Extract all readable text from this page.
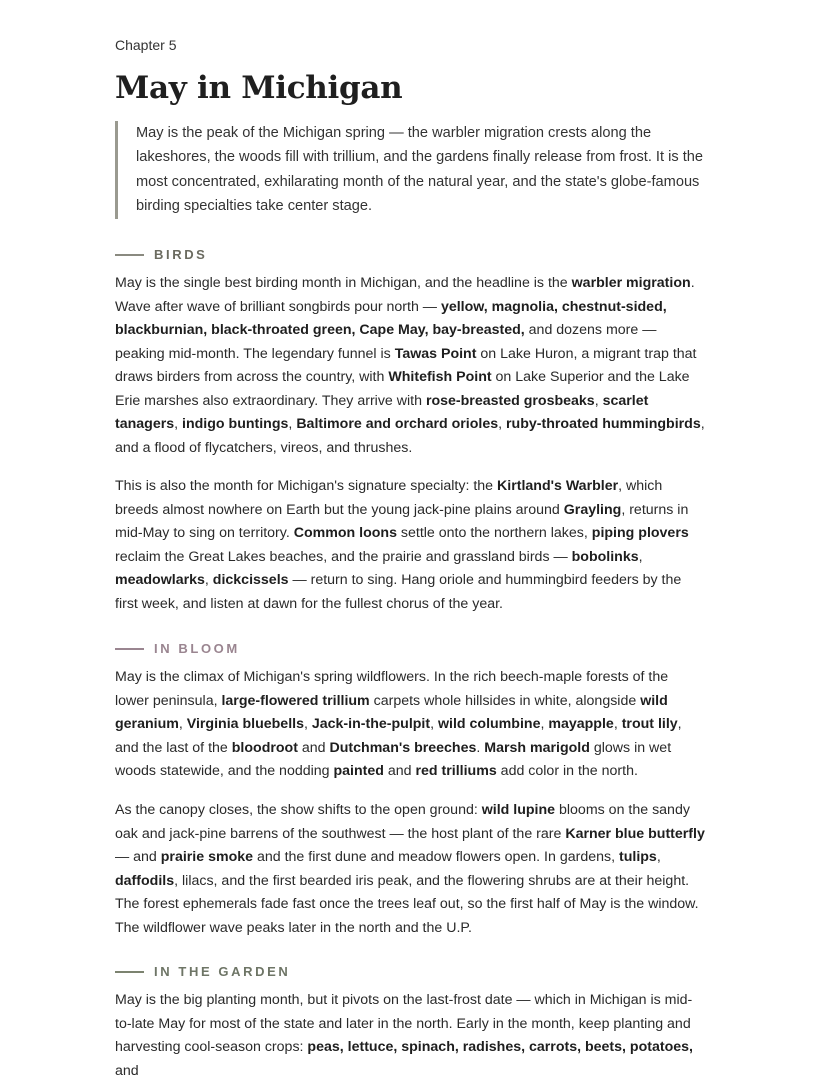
Chapter 5
May in Michigan
May is the peak of the Michigan spring — the warbler migration crests along the lakeshores, the woods fill with trillium, and the gardens finally release from frost. It is the most concentrated, exhilarating month of the natural year, and the state's globe-famous birding specialties take center stage.
BIRDS

May is the single best birding month in Michigan, and the headline is the warbler migration. Wave after wave of brilliant songbirds pour north — yellow, magnolia, chestnut-sided, blackburnian, black-throated green, Cape May, bay-breasted, and dozens more — peaking mid-month. The legendary funnel is Tawas Point on Lake Huron, a migrant trap that draws birders from across the country, with Whitefish Point on Lake Superior and the Lake Erie marshes also extraordinary. They arrive with rose-breasted grosbeaks, scarlet tanagers, indigo buntings, Baltimore and orchard orioles, ruby-throated hummingbirds, and a flood of flycatchers, vireos, and thrushes.

This is also the month for Michigan's signature specialty: the Kirtland's Warbler, which breeds almost nowhere on Earth but the young jack-pine plains around Grayling, returns in mid-May to sing on territory. Common loons settle onto the northern lakes, piping plovers reclaim the Great Lakes beaches, and the prairie and grassland birds — bobolinks, meadowlarks, dickcissels — return to sing. Hang oriole and hummingbird feeders by the first week, and listen at dawn for the fullest chorus of the year.

IN BLOOM

May is the climax of Michigan's spring wildflowers. In the rich beech-maple forests of the lower peninsula, large-flowered trillium carpets whole hillsides in white, alongside wild geranium, Virginia bluebells, Jack-in-the-pulpit, wild columbine, mayapple, trout lily, and the last of the bloodroot and Dutchman's breeches. Marsh marigold glows in wet woods statewide, and the nodding painted and red trilliums add color in the north.

As the canopy closes, the show shifts to the open ground: wild lupine blooms on the sandy oak and jack-pine barrens of the southwest — the host plant of the rare Karner blue butterfly — and prairie smoke and the first dune and meadow flowers open. In gardens, tulips, daffodils, lilacs, and the first bearded iris peak, and the flowering shrubs are at their height. The forest ephemerals fade fast once the trees leaf out, so the first half of May is the window. The wildflower wave peaks later in the north and the U.P.

IN THE GARDEN

May is the big planting month, but it pivots on the last-frost date — which in Michigan is mid-to-late May for most of the state and later in the north. Early in the month, keep planting and harvesting cool-season crops: peas, lettuce, spinach, radishes, carrots, beets, potatoes, and
